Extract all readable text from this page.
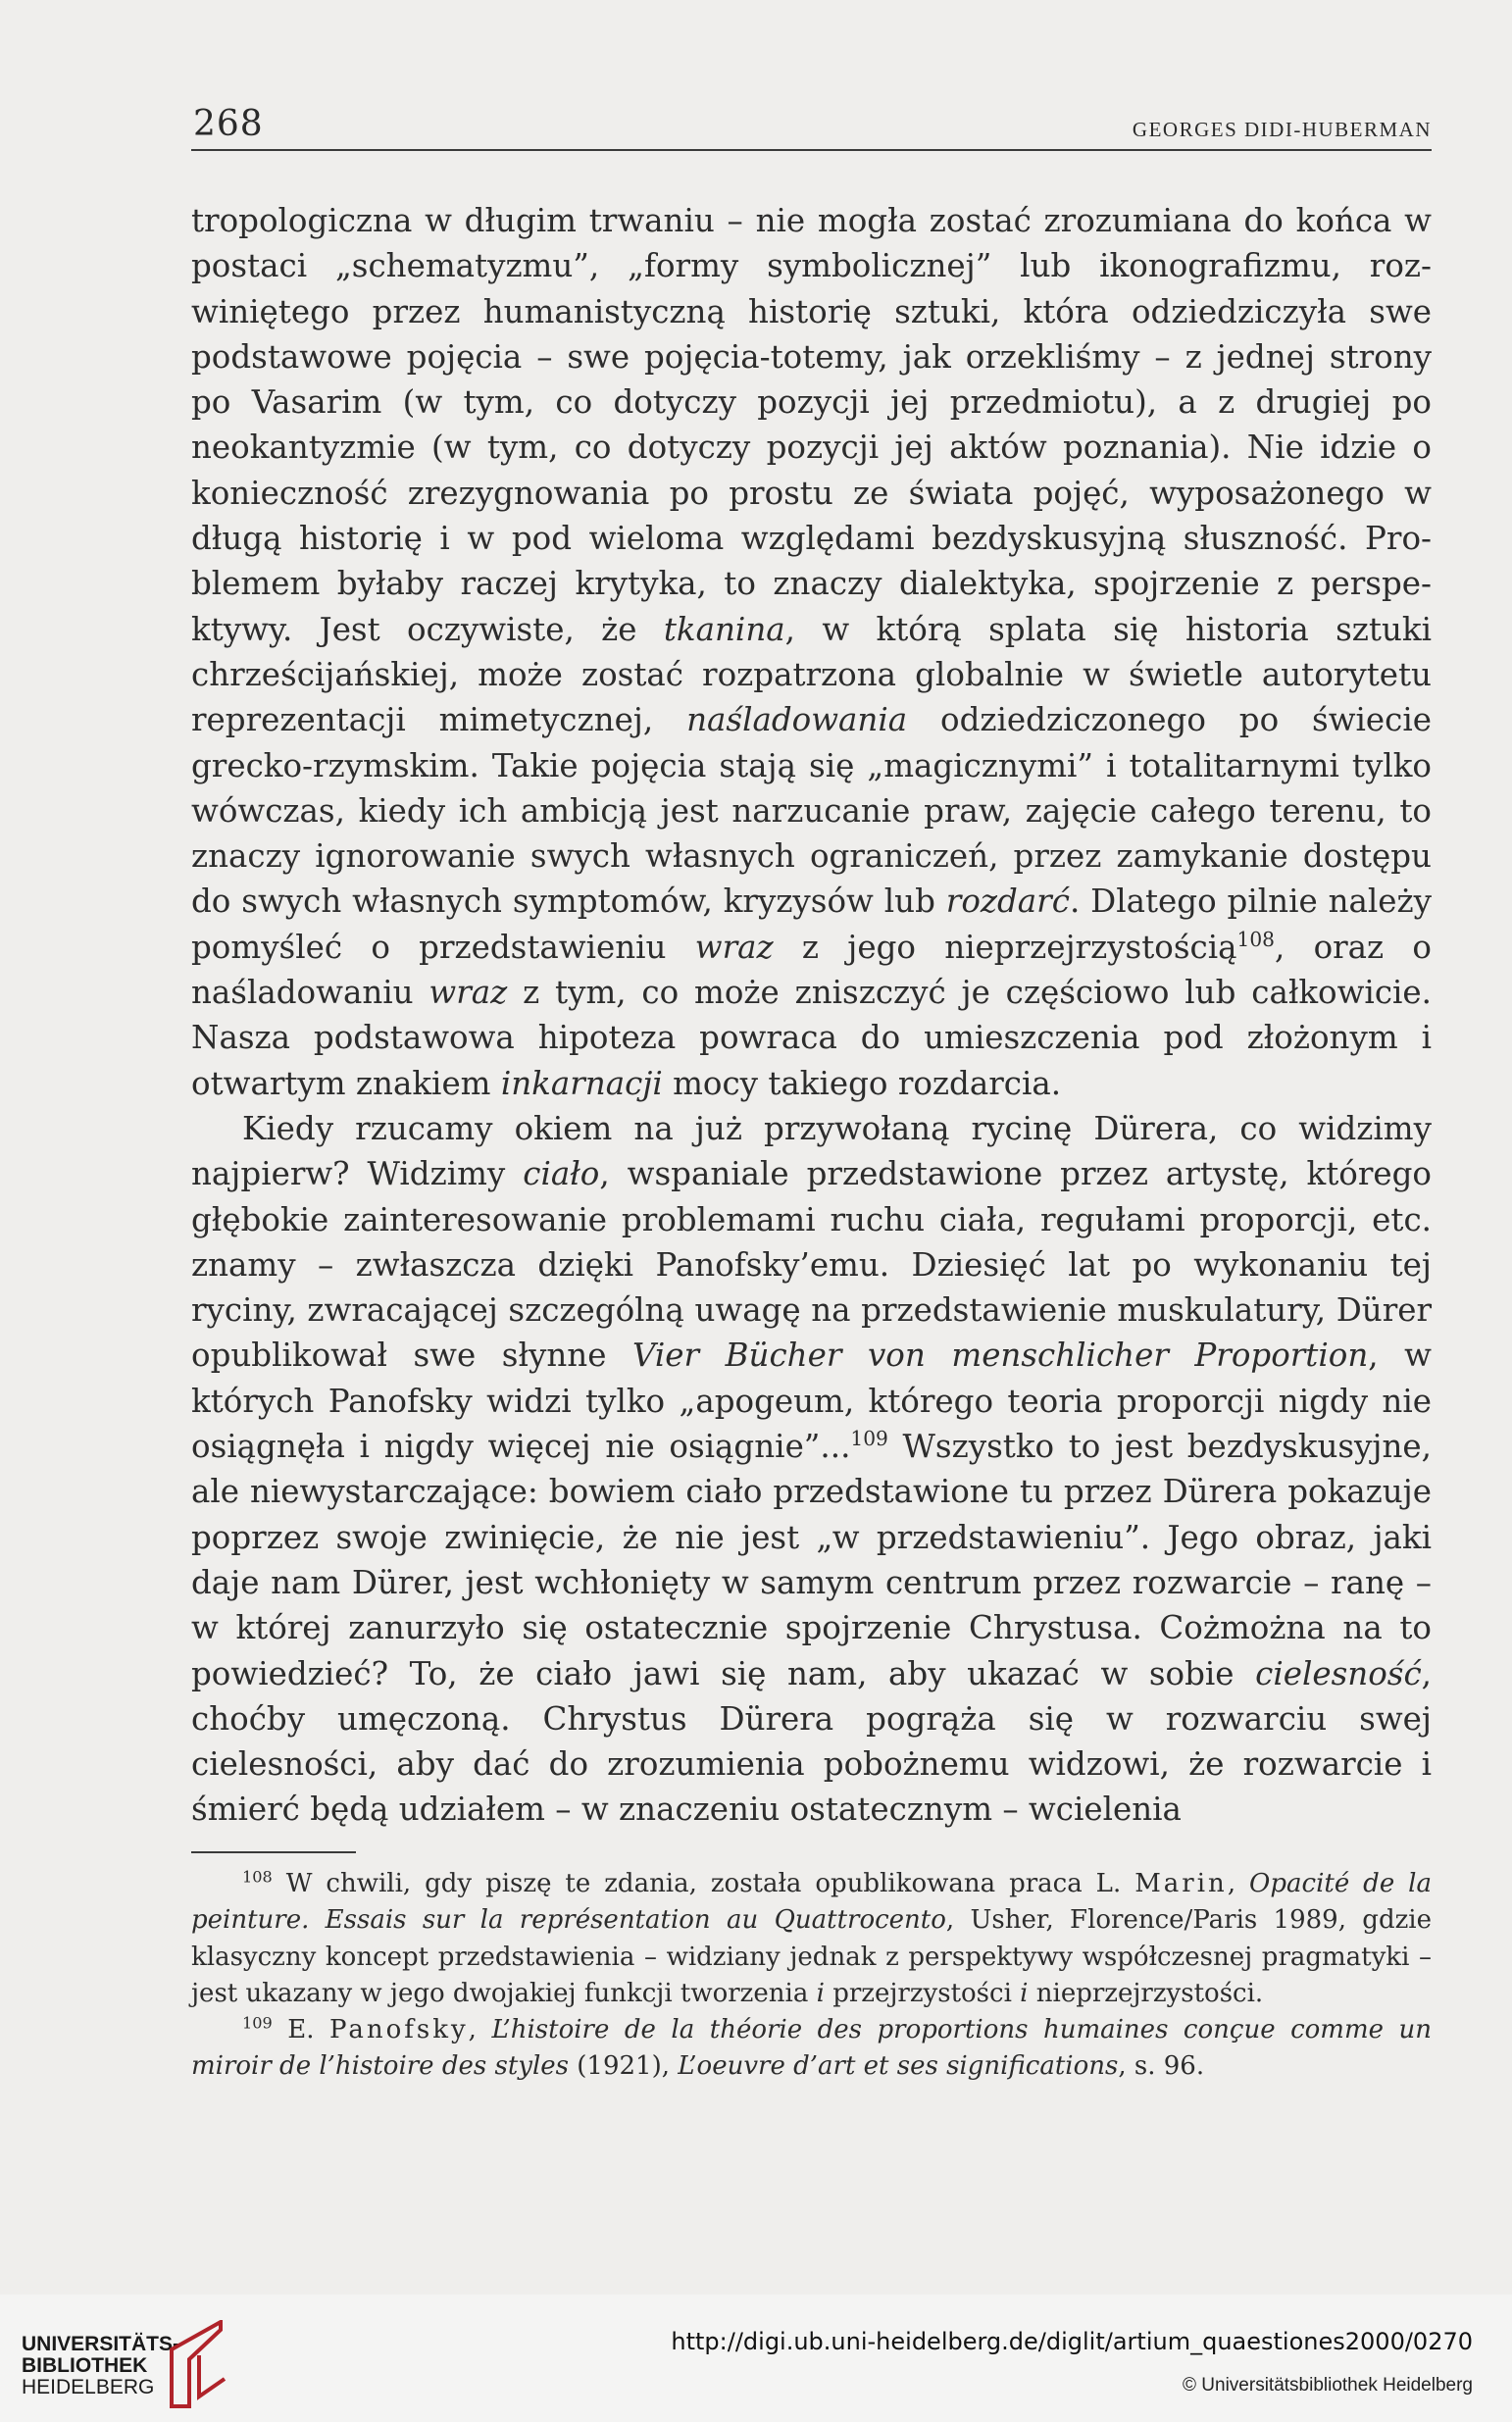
268	GEORGES DIDI-HUBERMAN

tropologiczna w długim trwaniu – nie mogła zostać zrozumiana do końca w postaci „schematyzmu”, „formy symbolicznej” lub ikonografizmu, rozwiniętego przez humanistyczną historię sztuki, która odziedziczyła swe podstawowe pojęcia – swe pojęcia-totemy, jak orzekliśmy – z jednej strony po Vasarim (w tym, co dotyczy pozycji jej przedmiotu), a z drugiej po neokantyzmie (w tym, co dotyczy pozycji jej aktów poznania). Nie idzie o konieczność zrezygnowania po prostu ze świata pojęć, wyposażonego w długą historię i w pod wieloma względami bezdyskusyjną słuszność. Problemem byłaby raczej krytyka, to znaczy dialektyka, spojrzenie z perspektywy. Jest oczywiste, że tkanina, w którą splata się historia sztuki chrześcijańskiej, może zostać rozpatrzona globalnie w świetle autorytetu reprezentacji mimetycznej, naśladowania odziedziczonego po świecie grecko-rzymskim. Takie pojęcia stają się „magicznymi” i totalitarnymi tylko wówczas, kiedy ich ambicją jest narzucanie praw, zajęcie całego terenu, to znaczy ignorowanie swych własnych ograniczeń, przez zamykanie dostępu do swych własnych symptomów, kryzysów lub rozdarć. Dlatego pilnie należy pomyśleć o przedstawieniu wraz z jego nieprzejrzystością$^{108}$, oraz o naśladowaniu wraz z tym, co może zniszczyć je częściowo lub całkowicie. Nasza podstawowa hipoteza powraca do umieszczenia pod złożonym i otwartym znakiem inkarnacji mocy takiego rozdarcia.

Kiedy rzucamy okiem na już przywołaną rycinę Dürera, co widzimy najpierw? Widzimy ciało, wspaniale przedstawione przez artystę, którego głębokie zainteresowanie problemami ruchu ciała, regułami proporcji, etc. znamy – zwłaszcza dzięki Panofsky’emu. Dziesięć lat po wykonaniu tej ryciny, zwracającej szczególną uwagę na przedstawienie muskulatury, Dürer opublikował swe słynne Vier Bücher von menschlicher Proportion, w których Panofsky widzi tylko „apogeum, którego teoria proporcji nigdy nie osiągnęła i nigdy więcej nie osiągnie”...$^{109}$ Wszystko to jest bezdyskusyjne, ale niewystarczające: bowiem ciało przedstawione tu przez Dürera pokazuje poprzez swoje zwinięcie, że nie jest „w przedstawieniu”. Jego obraz, jaki daje nam Dürer, jest wchłonięty w samym centrum przez rozwarcie – ranę – w której zanurzyło się ostatecznie spojrzenie Chrystusa. Cożmożna na to powiedzieć? To, że ciało jawi się nam, aby ukazać w sobie cielesność, choćby umęczoną. Chrystus Dürera pogrąża się w rozwarciu swej cielesności, aby dać do zrozumienia pobożnemu widzowi, że rozwarcie i śmierć będą udziałem – w znaczeniu ostatecznym – wcielenia

$^{108}$ W chwili, gdy piszę te zdania, została opublikowana praca L. Marin, Opacité de la peinture. Essais sur la représentation au Quattrocento, Usher, Florence/Paris 1989, gdzie klasyczny koncept przedstawienia – widziany jednak z perspektywy współczesnej pragmatyki – jest ukazany w jego dwojakiej funkcji tworzenia i przejrzystości i nieprzejrzystości.

$^{109}$ E. Panofsky, L’histoire de la théorie des proportions humaines conçue comme un miroir de l’histoire des styles (1921), L’oeuvre d’art et ses significations, s. 96.

UNIVERSITÄTS-
BIBLIOTHEK
HEIDELBERG
http://digi.ub.uni-heidelberg.de/diglit/artium_quaestiones2000/0270
© Universitätsbibliothek Heidelberg
